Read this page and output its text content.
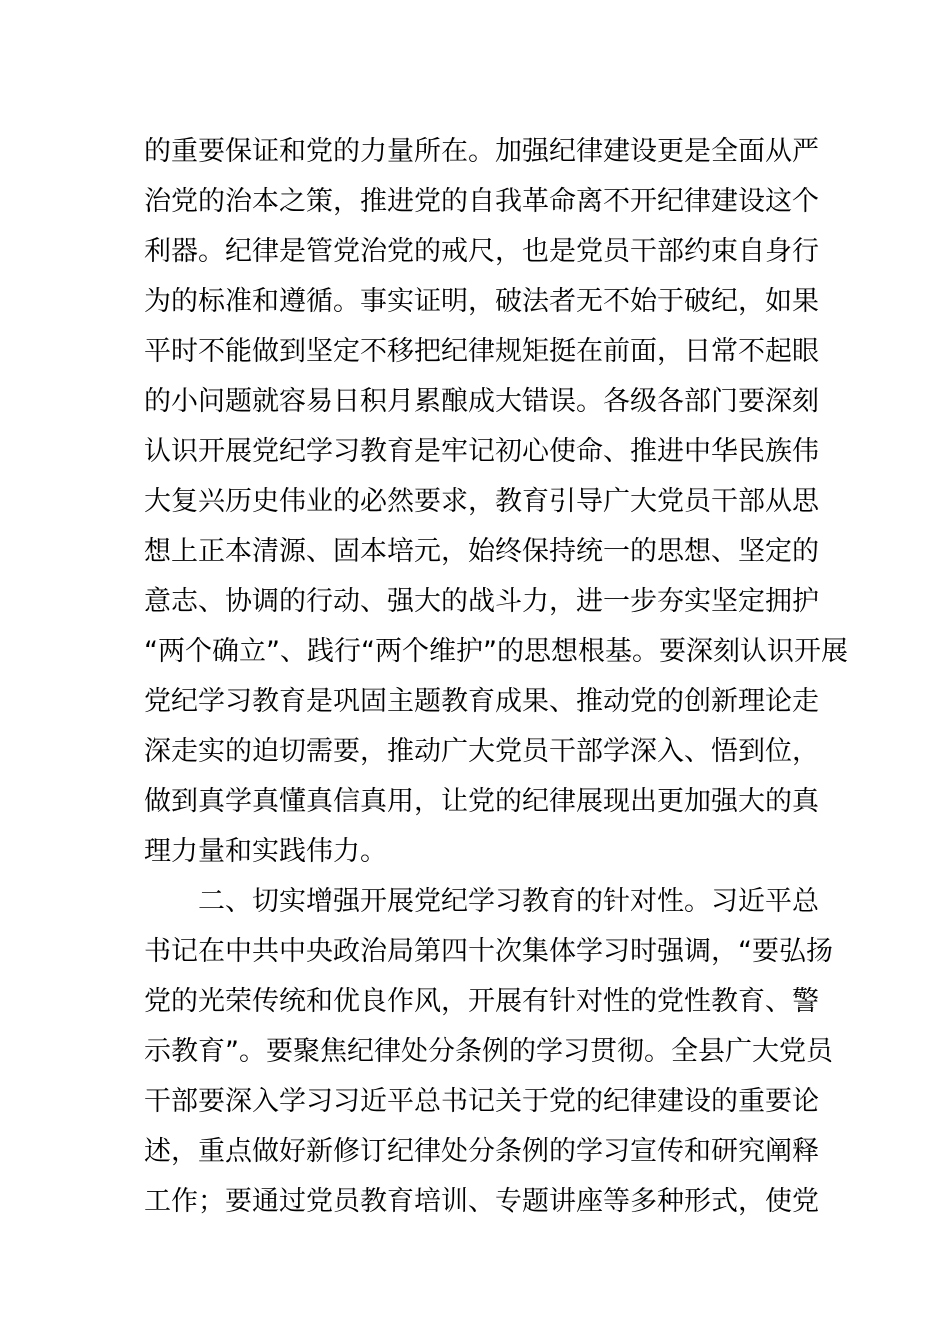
的重要保证和党的力量所在。加强纪律建设更是全面从严
治党的治本之策，推进党的自我革命离不开纪律建设这个
利器。纪律是管党治党的戒尺，也是党员干部约束自身行
为的标准和遵循。事实证明，破法者无不始于破纪，如果
平时不能做到坚定不移把纪律规矩挺在前面，日常不起眼
的小问题就容易日积月累酿成大错误。各级各部门要深刻
认识开展党纪学习教育是牢记初心使命、推进中华民族伟
大复兴历史伟业的必然要求，教育引导广大党员干部从思
想上正本清源、固本培元，始终保持统一的思想、坚定的
意志、协调的行动、强大的战斗力，进一步夯实坚定拥护
“两个确立”、践行“两个维护”的思想根基。要深刻认识开展
党纪学习教育是巩固主题教育成果、推动党的创新理论走
深走实的迫切需要，推动广大党员干部学深入、悟到位，
做到真学真懂真信真用，让党的纪律展现出更加强大的真
理力量和实践伟力。
二、切实增强开展党纪学习教育的针对性。习近平总
书记在中共中央政治局第四十次集体学习时强调，“要弘扬
党的光荣传统和优良作风，开展有针对性的党性教育、警
示教育”。要聚焦纪律处分条例的学习贯彻。全县广大党员
干部要深入学习习近平总书记关于党的纪律建设的重要论
述，重点做好新修订纪律处分条例的学习宣传和研究阐释
工作；要通过党员教育培训、专题讲座等多种形式，使党
